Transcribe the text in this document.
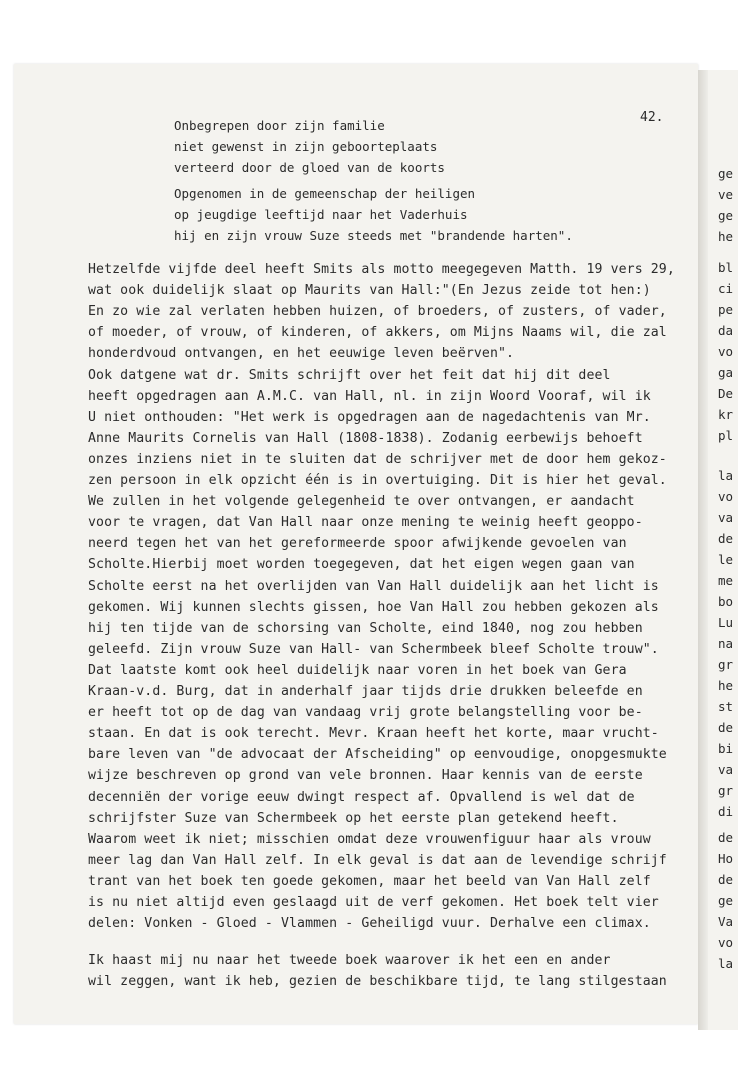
ge
ve
ge
he
bl
ci
pe
da
vo
ga
De
kr
pl
la
vo
va
de
le
me
bo
Lu
na
gr
he
st
de
bi
va
gr
di
de
Ho
de
ge
Va
vo
la
42.
Onbegrepen door zijn familie
niet gewenst in zijn geboorteplaats
verteerd door de gloed van de koorts
Opgenomen in de gemeenschap der heiligen
op jeugdige leeftijd naar het Vaderhuis
hij en zijn vrouw Suze steeds met "brandende harten".
Hetzelfde vijfde deel heeft Smits als motto meegegeven Matth. 19 vers 29,
wat ook duidelijk slaat op Maurits van Hall:"(En Jezus zeide tot hen:)
En zo wie zal verlaten hebben huizen, of broeders, of zusters, of vader,
of moeder, of vrouw, of kinderen, of akkers, om Mijns Naams wil, die zal
honderdvoud ontvangen, en het eeuwige leven beërven".
Ook datgene wat dr. Smits schrijft over het feit dat hij dit deel
heeft opgedragen aan A.M.C. van Hall, nl. in zijn Woord Vooraf, wil ik
U niet onthouden: "Het werk is opgedragen aan de nagedachtenis van Mr.
Anne Maurits Cornelis van Hall (1808-1838). Zodanig eerbewijs behoeft
onzes inziens niet in te sluiten dat de schrijver met de door hem gekoz-
zen persoon in elk opzicht één is in overtuiging. Dit is hier het geval.
We zullen in het volgende gelegenheid te over ontvangen, er aandacht
voor te vragen, dat Van Hall naar onze mening te weinig heeft geoppo-
neerd tegen het van het gereformeerde spoor afwijkende gevoelen van
Scholte.Hierbij moet worden toegegeven, dat het eigen wegen gaan van
Scholte eerst na het overlijden van Van Hall duidelijk aan het licht is
gekomen. Wij kunnen slechts gissen, hoe Van Hall zou hebben gekozen als
hij ten tijde van de schorsing van Scholte, eind 1840, nog zou hebben
geleefd. Zijn vrouw Suze van Hall- van Schermbeek bleef Scholte trouw".
Dat laatste komt ook heel duidelijk naar voren in het boek van Gera
Kraan-v.d. Burg, dat in anderhalf jaar tijds drie drukken beleefde en
er heeft tot op de dag van vandaag vrij grote belangstelling voor be-
staan. En dat is ook terecht. Mevr. Kraan heeft het korte, maar vrucht-
bare leven van "de advocaat der Afscheiding" op eenvoudige, onopgesmukte
wijze beschreven op grond van vele bronnen. Haar kennis van de eerste
decenniën der vorige eeuw dwingt respect af. Opvallend is wel dat de
schrijfster Suze van Schermbeek op het eerste plan getekend heeft.
Waarom weet ik niet; misschien omdat deze vrouwenfiguur haar als vrouw
meer lag dan Van Hall zelf. In elk geval is dat aan de levendige schrijf
trant van het boek ten goede gekomen, maar het beeld van Van Hall zelf
is nu niet altijd even geslaagd uit de verf gekomen. Het boek telt vier
delen: Vonken - Gloed - Vlammen - Geheiligd vuur. Derhalve een climax.
Ik haast mij nu naar het tweede boek waarover ik het een en ander
wil zeggen, want ik heb, gezien de beschikbare tijd, te lang stilgestaan
